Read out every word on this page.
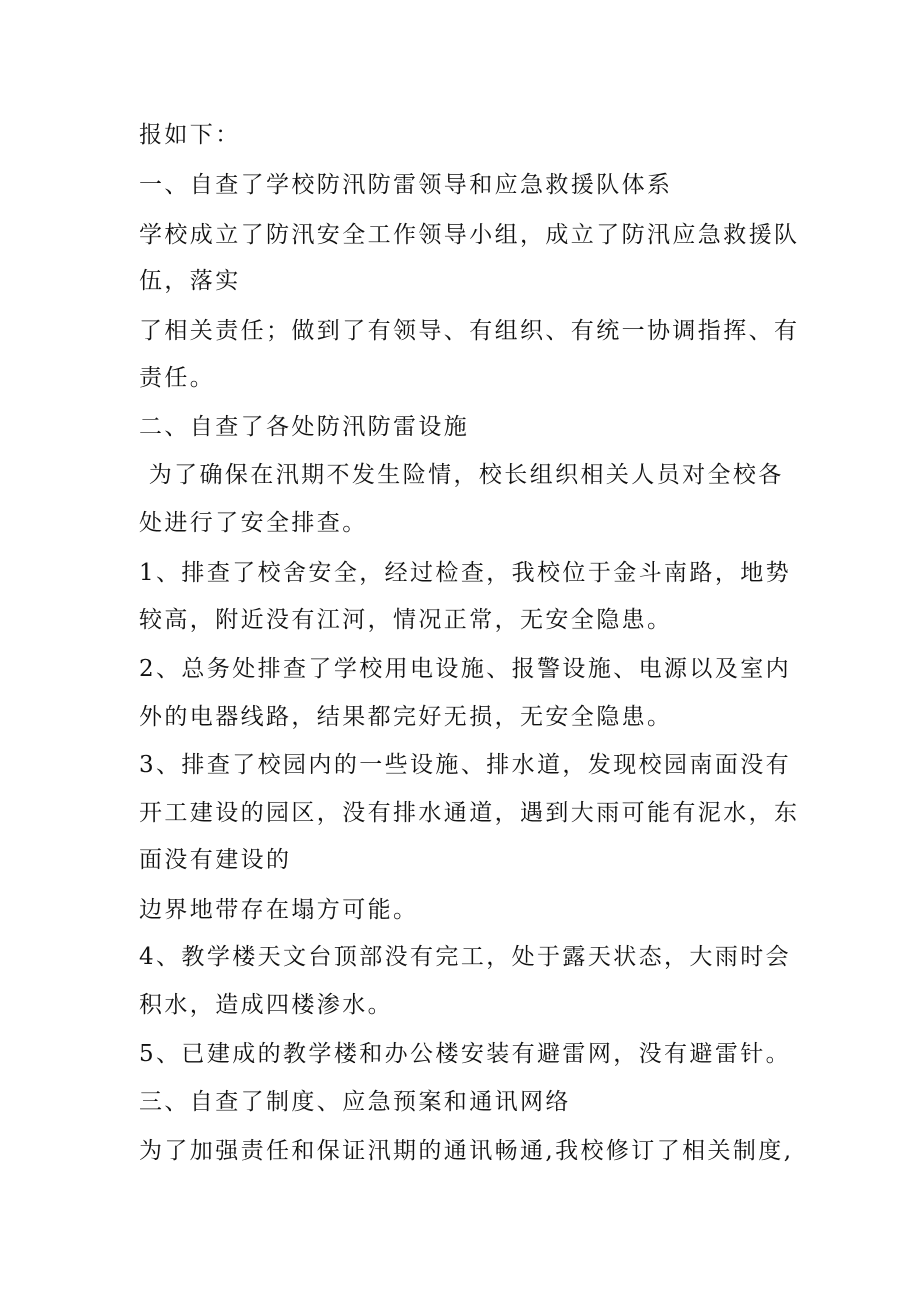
报如下：

一、自查了学校防汛防雷领导和应急救援队体系

学校成立了防汛安全工作领导小组，成立了防汛应急救援队

伍，落实

了相关责任；做到了有领导、有组织、有统一协调指挥、有

责任。

二、自查了各处防汛防雷设施

为了确保在汛期不发生险情，校长组织相关人员对全校各

处进行了安全排查。

1、排查了校舍安全，经过检查，我校位于金斗南路，地势

较高，附近没有江河，情况正常，无安全隐患。

2、总务处排查了学校用电设施、报警设施、电源以及室内

外的电器线路，结果都完好无损，无安全隐患。

3、排查了校园内的一些设施、排水道，发现校园南面没有

开工建设的园区，没有排水通道，遇到大雨可能有泥水，东

面没有建设的

边界地带存在塌方可能。

4、教学楼天文台顶部没有完工，处于露天状态，大雨时会

积水，造成四楼渗水。

5、已建成的教学楼和办公楼安装有避雷网，没有避雷针。

三、自查了制度、应急预案和通讯网络

为了加强责任和保证汛期的通讯畅通,我校修订了相关制度,
